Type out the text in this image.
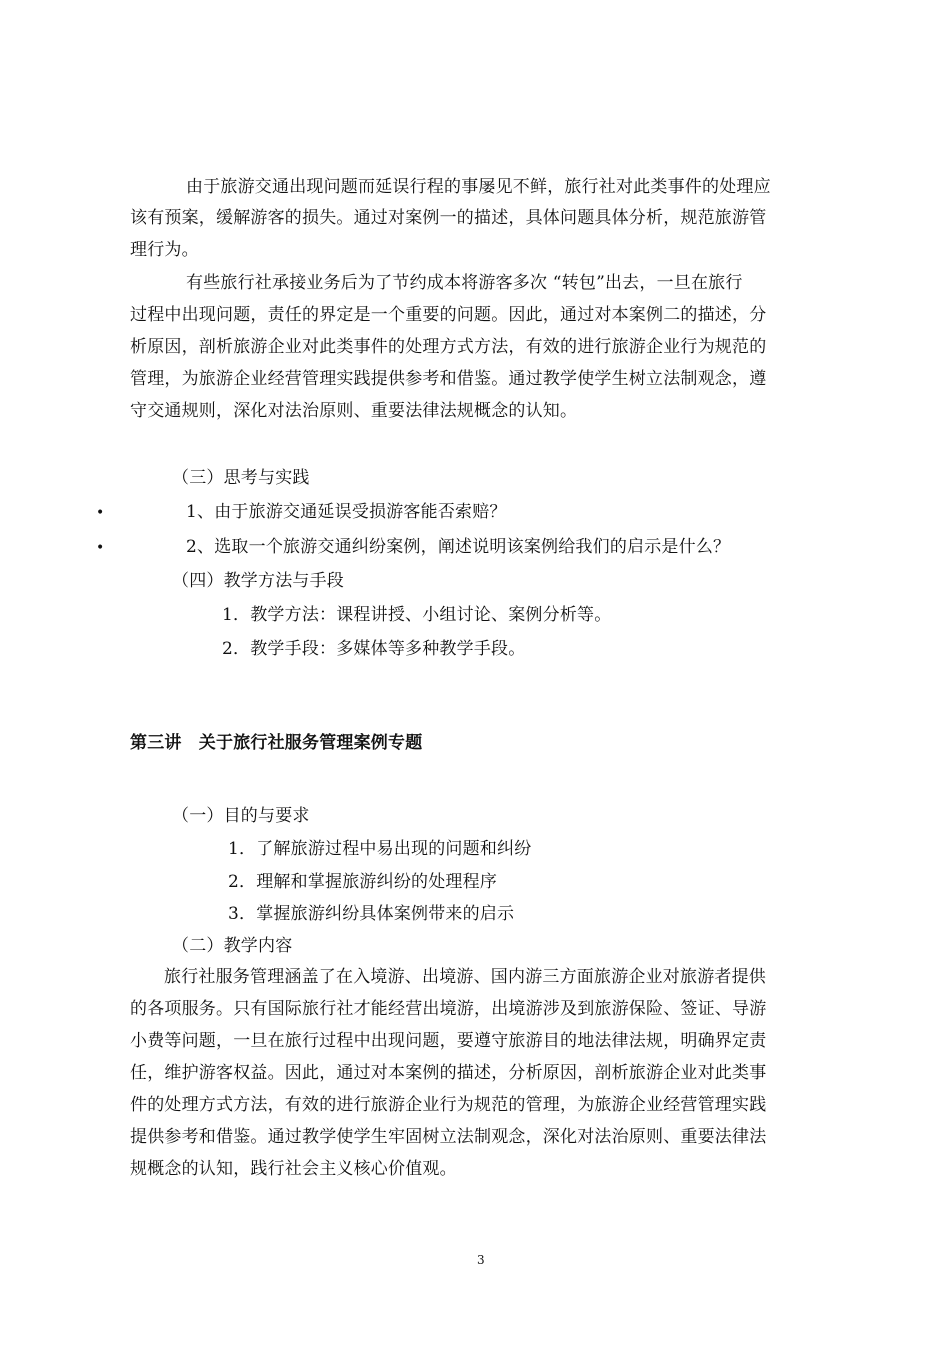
由于旅游交通出现问题而延误行程的事屡见不鲜，旅行社对此类事件的处理应
该有预案，缓解游客的损失。通过对案例一的描述，具体问题具体分析，规范旅游管
理行为。
有些旅行社承接业务后为了节约成本将游客多次 “转包”出去，一旦在旅行
过程中出现问题，责任的界定是一个重要的问题。因此，通过对本案例二的描述，分
析原因，剖析旅游企业对此类事件的处理方式方法，有效的进行旅游企业行为规范的
管理，为旅游企业经营管理实践提供参考和借鉴。通过教学使学生树立法制观念，遵
守交通规则，深化对法治原则、重要法律法规概念的认知。
（三）思考与实践
•	1、由于旅游交通延误受损游客能否索赔？
•	2、选取一个旅游交通纠纷案例，阐述说明该案例给我们的启示是什么？
（四）教学方法与手段
1．教学方法：课程讲授、小组讨论、案例分析等。
2．教学手段：多媒体等多种教学手段。
第三讲　关于旅行社服务管理案例专题
（一）目的与要求
1．了解旅游过程中易出现的问题和纠纷
2．理解和掌握旅游纠纷的处理程序
3．掌握旅游纠纷具体案例带来的启示
（二）教学内容
旅行社服务管理涵盖了在入境游、出境游、国内游三方面旅游企业对旅游者提供
的各项服务。只有国际旅行社才能经营出境游，出境游涉及到旅游保险、签证、导游
小费等问题，一旦在旅行过程中出现问题，要遵守旅游目的地法律法规，明确界定责
任，维护游客权益。因此，通过对本案例的描述，分析原因，剖析旅游企业对此类事
件的处理方式方法，有效的进行旅游企业行为规范的管理，为旅游企业经营管理实践
提供参考和借鉴。通过教学使学生牢固树立法制观念，深化对法治原则、重要法律法
规概念的认知，践行社会主义核心价值观。
3
